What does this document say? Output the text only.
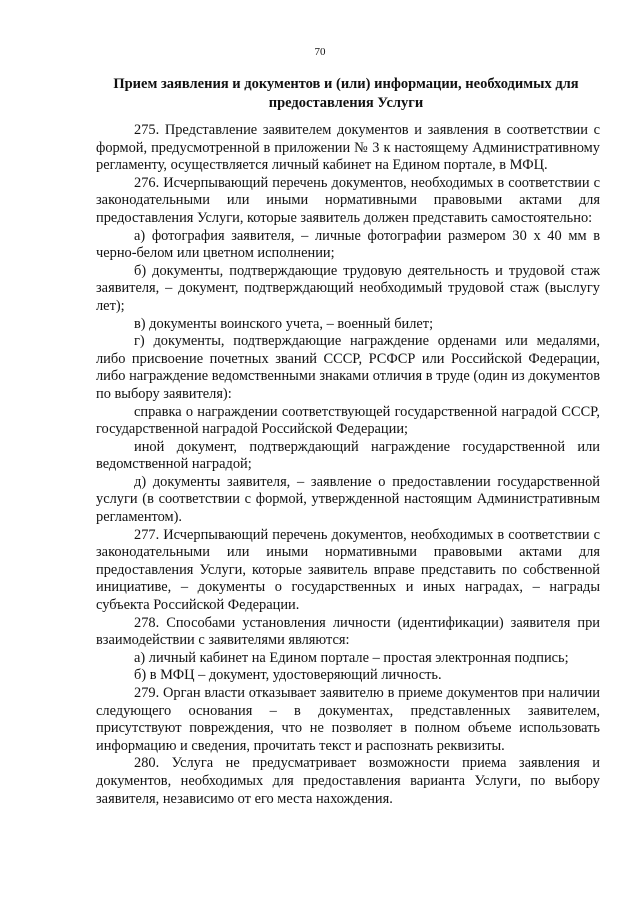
70
Прием заявления и документов и (или) информации, необходимых для предоставления Услуги

275. Представление заявителем документов и заявления в соответствии с формой, предусмотренной в приложении № 3 к настоящему Административному регламенту, осуществляется личный кабинет на Едином портале, в МФЦ.

276. Исчерпывающий перечень документов, необходимых в соответствии с законодательными или иными нормативными правовыми актами для предоставления Услуги, которые заявитель должен представить самостоятельно:

а) фотография заявителя, – личные фотографии размером 30 x 40 мм в черно-белом или цветном исполнении;

б) документы, подтверждающие трудовую деятельность и трудовой стаж заявителя, – документ, подтверждающий необходимый трудовой стаж (выслугу лет);

в) документы воинского учета, – военный билет;

г) документы, подтверждающие награждение орденами или медалями, либо присвоение почетных званий СССР, РСФСР или Российской Федерации, либо награждение ведомственными знаками отличия в труде (один из документов по выбору заявителя):

справка о награждении соответствующей государственной наградой СССР, государственной наградой Российской Федерации;

иной документ, подтверждающий награждение государственной или ведомственной наградой;

д) документы заявителя, – заявление о предоставлении государственной услуги (в соответствии с формой, утвержденной настоящим Административным регламентом).

277. Исчерпывающий перечень документов, необходимых в соответствии с законодательными или иными нормативными правовыми актами для предоставления Услуги, которые заявитель вправе представить по собственной инициативе, – документы о государственных и иных наградах, – награды субъекта Российской Федерации.

278. Способами установления личности (идентификации) заявителя при взаимодействии с заявителями являются:

а) личный кабинет на Едином портале – простая электронная подпись;

б) в МФЦ – документ, удостоверяющий личность.

279. Орган власти отказывает заявителю в приеме документов при наличии следующего основания – в документах, представленных заявителем, присутствуют повреждения, что не позволяет в полном объеме использовать информацию и сведения, прочитать текст и распознать реквизиты.

280. Услуга не предусматривает возможности приема заявления и документов, необходимых для предоставления варианта Услуги, по выбору заявителя, независимо от его места нахождения.
